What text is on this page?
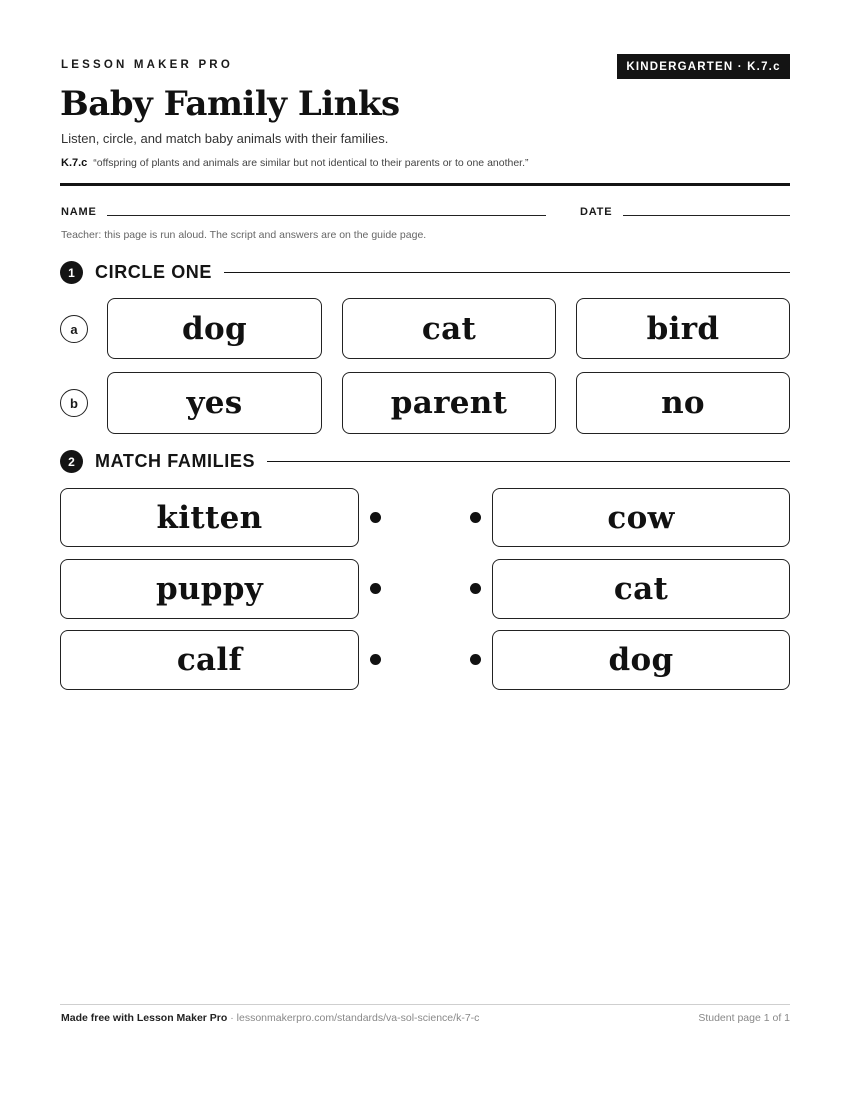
LESSON MAKER PRO	KINDERGARTEN · K.7.c
Baby Family Links
Listen, circle, and match baby animals with their families.
K.7.c “offspring of plants and animals are similar but not identical to their parents or to one another.”
NAME	DATE
Teacher: this page is run aloud. The script and answers are on the guide page.
1	CIRCLE ONE
a	dog	cat	bird
b	yes	parent	no
2	MATCH FAMILIES
kitten	cow
puppy	cat
calf	dog
Made free with Lesson Maker Pro · lessonmakerpro.com/standards/va-sol-science/k-7-c	Student page 1 of 1
